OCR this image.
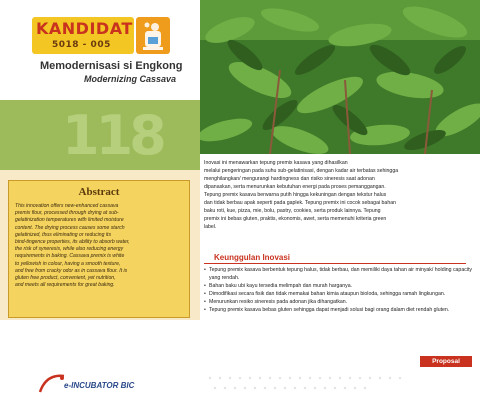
KANDIDAT
5018 - 005
Memodernisasi si Engkong
Modernizing Cassava
118
Abstract
This innovation offers new-enhanced cassava
premix flour, processed through drying at sub-
gelatinization temperatures with limited moisture
content. The drying process causes some starch
gelatinized, thus eliminating or reducing its
bind-tingence properties, its ability to absorb water,
the risk of syneresis, while also reducing energy
requirements in baking. Cassava premix is white
to yellowish in colour, having a smooth texture,
and free from cracky odor as in cassava flour. It is
gluten free product, convenient, yet nutrition,
and meets all requirements for great baking.
e-INCUBATOR BIC
Inovasi ini menawarkan tepung premix kasava yang dihasilkan
melalui pengeringan pada suhu sub-gelatinisasi, dengan kadar air terbatas sehingga
menghilangkan/ mengurangi hardingness dan risiko sineresis saat adonan
dipanaskan, serta menurunkan kebutuhan energi pada proses pemanggangan.
Tepung premix kasava berwarna putih hingga kekuningan dengan tekstur halus
dan tidak berbau apak seperti pada gaplek. Tepung premix ini cocok sebagai bahan
baku roti, kue, pizza, mie, bolu, pastry, cookies, serta produk lainnya. Tepung
premix ini bebas gluten, praktis, ekonomis, awet, serta memenuhi kriteria green
label.
Keunggulan Inovasi
• Tepung premix kasava berbentuk tepung halus, tidak berbau, dan memiliki daya tahan air minyak/ holding capacity yang rendah.
• Bahan baku ubi kayu tersedia melimpah dan murah harganya.
• Dimodifikasi secara fisik dan tidak memakai bahan kimia ataupun bioloda, sehingga ramah lingkungan.
• Menurunkan resiko sineresis pada adonan jika dihangatkan.
• Tepung premix kasava bebas gluten sehingga dapat menjadi solusi bagi orang dalam diet rendah gluten.
Proposal
